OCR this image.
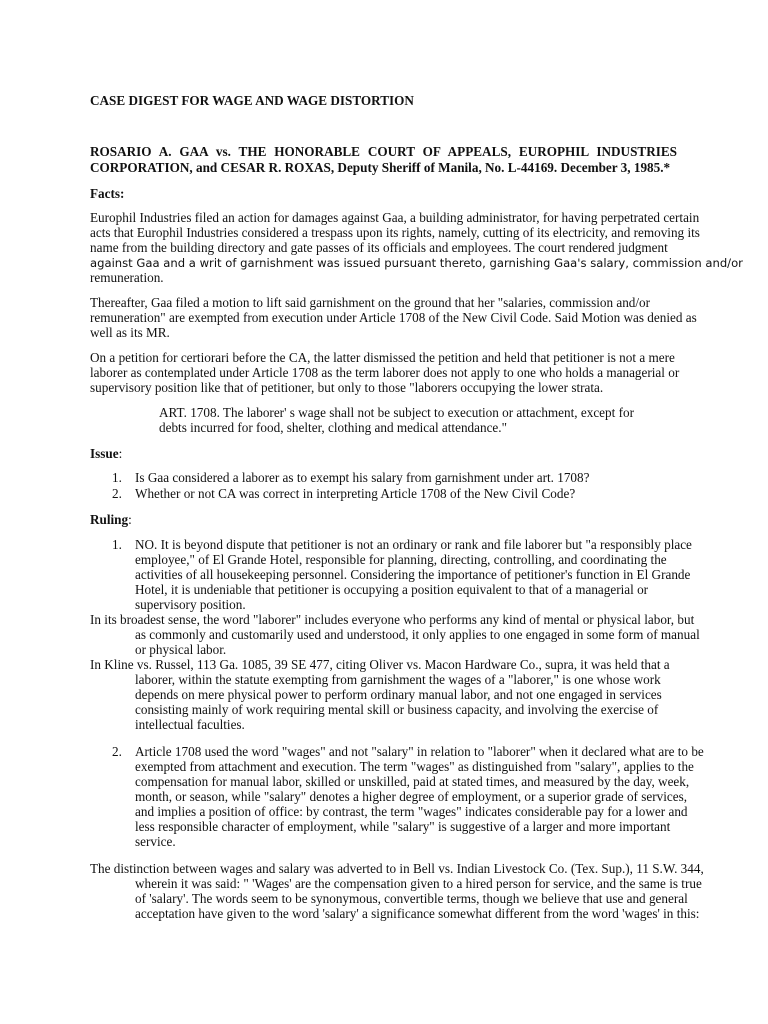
CASE DIGEST FOR WAGE AND WAGE DISTORTION
ROSARIO A. GAA vs. THE HONORABLE COURT OF APPEALS, EUROPHIL INDUSTRIES
CORPORATION, and CESAR R. ROXAS, Deputy Sheriff of Manila, No. L-44169. December 3, 1985.*
Facts:
Europhil Industries filed an action for damages against Gaa, a building administrator, for having perpetrated certain
acts that Europhil Industries considered a trespass upon its rights, namely, cutting of its electricity, and removing its
name from the building directory and gate passes of its officials and employees. The court rendered judgment
against Gaa and a writ of garnishment was issued pursuant thereto, garnishing Gaa's salary, commission and/or
remuneration.
Thereafter, Gaa filed a motion to lift said garnishment on the ground that her "salaries, commission and/or
remuneration" are exempted from execution under Article 1708 of the New Civil Code. Said Motion was denied as
well as its MR.
On a petition for certiorari before the CA, the latter dismissed the petition and held that petitioner is not a mere
laborer as contemplated under Article 1708 as the term laborer does not apply to one who holds a managerial or
supervisory position like that of petitioner, but only to those "laborers occupying the lower strata.
ART. 1708. The laborer' s wage shall not be subject to execution or attachment, except for
debts incurred for food, shelter, clothing and medical attendance."
Issue:
1. Is Gaa considered a laborer as to exempt his salary from garnishment under art. 1708?
2. Whether or not CA was correct in interpreting Article 1708 of the New Civil Code?
Ruling:
1. NO. It is beyond dispute that petitioner is not an ordinary or rank and file laborer but "a responsibly place
employee," of El Grande Hotel, responsible for planning, directing, controlling, and coordinating the
activities of all housekeeping personnel. Considering the importance of petitioner's function in El Grande
Hotel, it is undeniable that petitioner is occupying a position equivalent to that of a managerial or
supervisory position.
In its broadest sense, the word "laborer" includes everyone who performs any kind of mental or physical labor, but
as commonly and customarily used and understood, it only applies to one engaged in some form of manual
or physical labor.
In Kline vs. Russel, 113 Ga. 1085, 39 SE 477, citing Oliver vs. Macon Hardware Co., supra, it was held that a
laborer, within the statute exempting from garnishment the wages of a "laborer," is one whose work
depends on mere physical power to perform ordinary manual labor, and not one engaged in services
consisting mainly of work requiring mental skill or business capacity, and involving the exercise of
intellectual faculties.
2. Article 1708 used the word "wages" and not "salary" in relation to "laborer" when it declared what are to be
exempted from attachment and execution. The term "wages" as distinguished from "salary", applies to the
compensation for manual labor, skilled or unskilled, paid at stated times, and measured by the day, week,
month, or season, while "salary" denotes a higher degree of employment, or a superior grade of services,
and implies a position of office: by contrast, the term "wages" indicates considerable pay for a lower and
less responsible character of employment, while "salary" is suggestive of a larger and more important
service.
The distinction between wages and salary was adverted to in Bell vs. Indian Livestock Co. (Tex. Sup.), 11 S.W. 344,
wherein it was said: " 'Wages' are the compensation given to a hired person for service, and the same is true
of 'salary'. The words seem to be synonymous, convertible terms, though we believe that use and general
acceptation have given to the word 'salary' a significance somewhat different from the word 'wages' in this:
